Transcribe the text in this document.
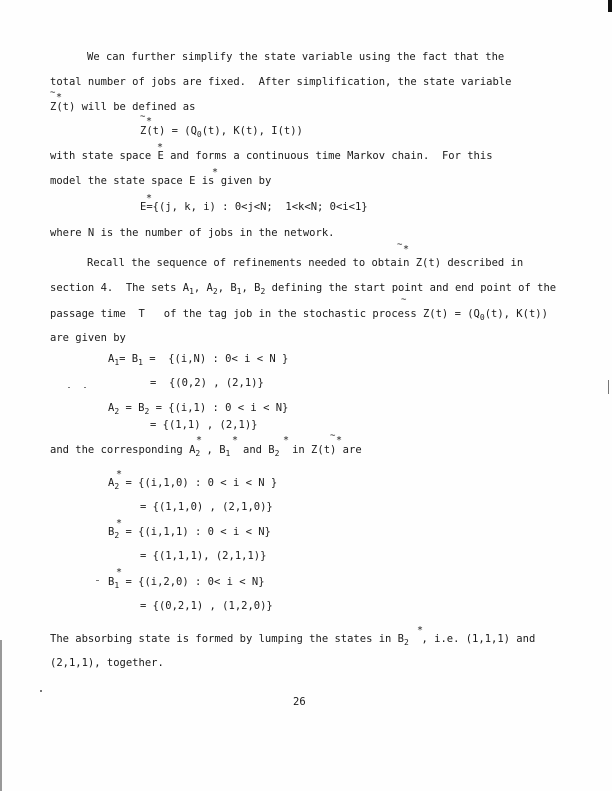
We can further simplify the state variable using the fact that the
total number of jobs are fixed.  After simplification, the state variable
~ *
Z(t) will be defined as
~ *
$Z(t) = (Q_0(t)$, K(t), I(t))
*
with state space E and forms a continuous time Markov chain.  For this
*
model the state space E is given by
*
E={(j, k, i) : 0<j<N;  1<k<N; 0<i<1}
where N is the number of jobs in the network.
~ *
Recall the sequence of refinements needed to obtain Z(t) described in
section 4.  The sets $A_1$, $A_2$, $B_1$, $B_2$ defining the start point and end point of the
~
passage time  T   of the tag job in the stochastic process $Z(t) = (Q_0(t)$, K(t))
are given by
$A_1= B_1 = \{(i,N)$ : 0< i < N }
=  {(0,2) , (2,1)}
$A_2 = B_2 = \{(i,1)$ : 0 < i < N}
= {(1,1) , (2,1)}
*	*	*	~ *
and the corresponding $A_2$ , $B_1$  and $B_2$  in Z(t) are
*
$A_2 = \{(i,1,0)$ : 0 < i < N }
= {(1,1,0) , (2,1,0)}
*
$B_2 = \{(i,1,1)$ : 0 < i < N}
= {(1,1,1), (2,1,1)}
*
$B_1 = \{(i,2,0)$ : 0< i < N}
= {(0,2,1) , (1,2,0)}
*
The absorbing state is formed by lumping the states in $B_2$  , i.e. (1,1,1) and
(2,1,1), together.
26
